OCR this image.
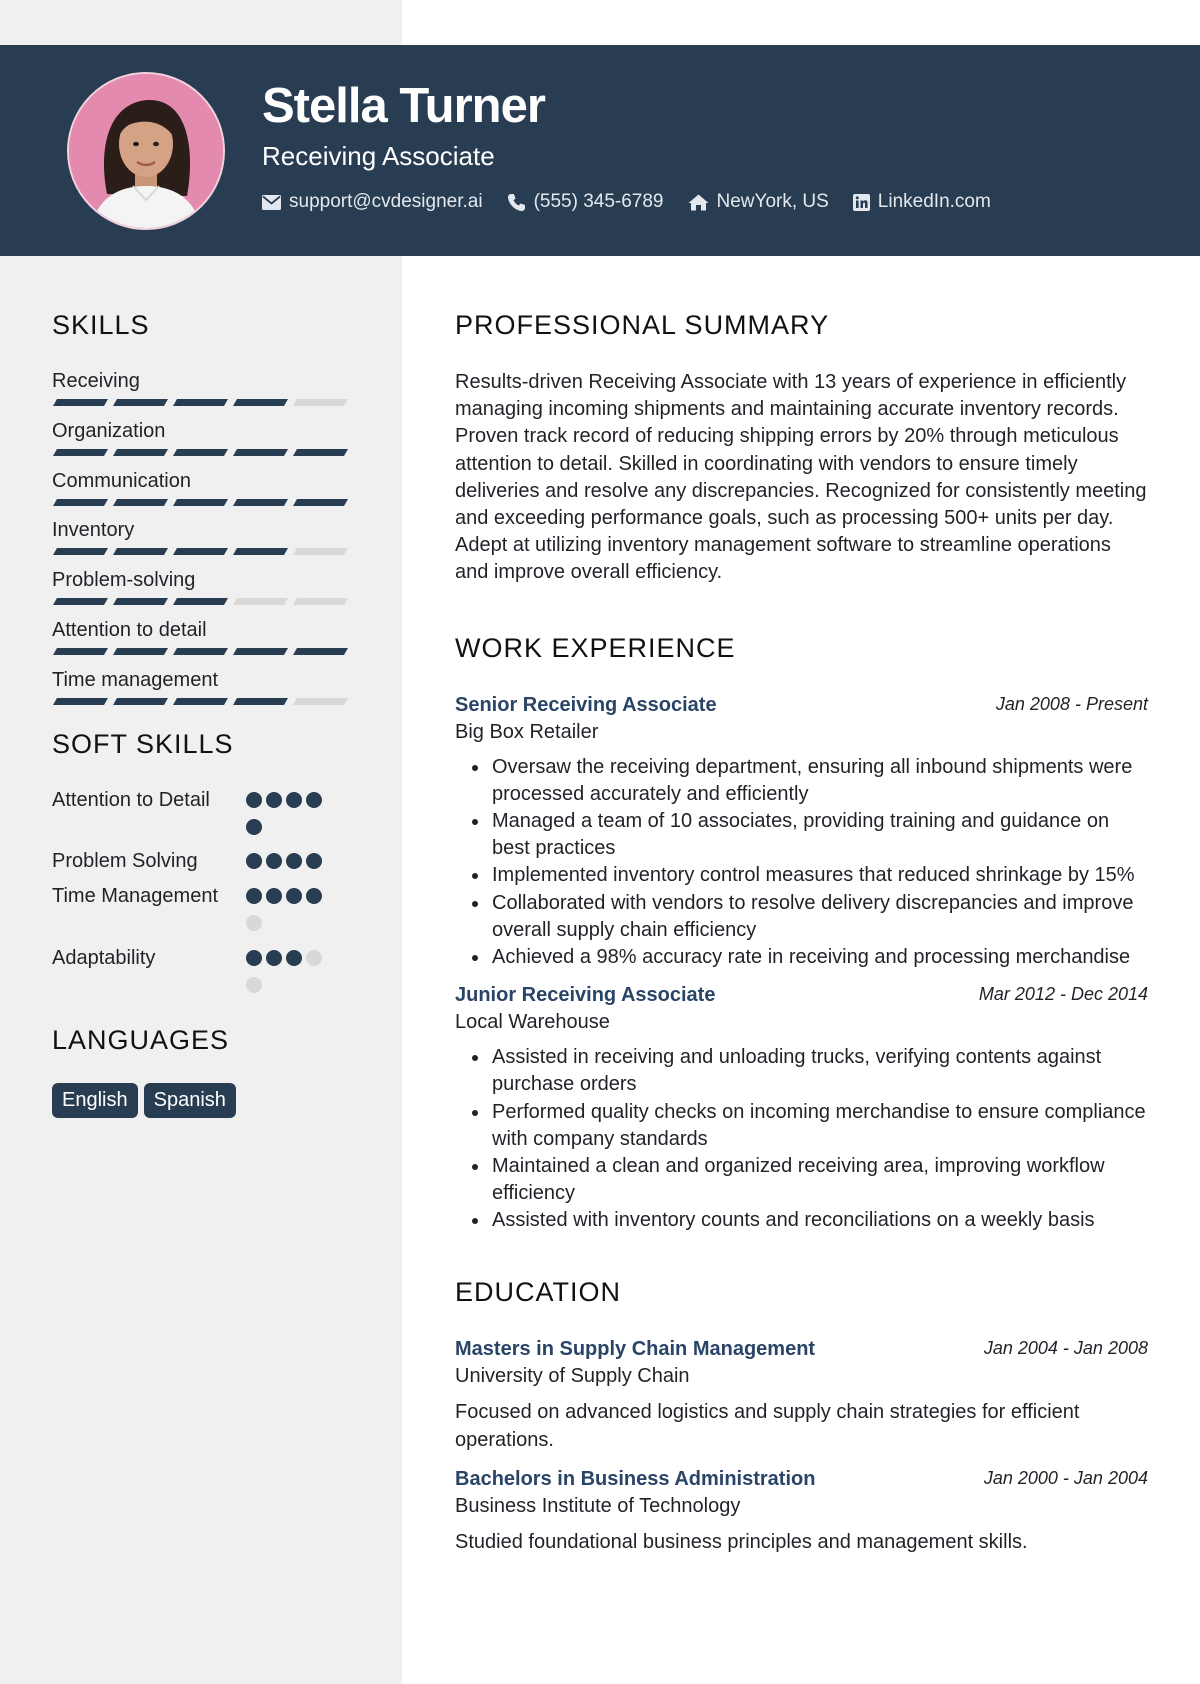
Stella Turner
Receiving Associate
support@cvdesigner.ai	(555) 345-6789	NewYork, US	LinkedIn.com
SKILLS
Receiving
Organization
Communication
Inventory
Problem-solving
Attention to detail
Time management
SOFT SKILLS
Attention to Detail
Problem Solving
Time Management
Adaptability
LANGUAGES
English Spanish
PROFESSIONAL SUMMARY
Results-driven Receiving Associate with 13 years of experience in efficiently managing incoming shipments and maintaining accurate inventory records. Proven track record of reducing shipping errors by 20% through meticulous attention to detail. Skilled in coordinating with vendors to ensure timely deliveries and resolve any discrepancies. Recognized for consistently meeting and exceeding performance goals, such as processing 500+ units per day. Adept at utilizing inventory management software to streamline operations and improve overall efficiency.
WORK EXPERIENCE
Senior Receiving Associate	Jan 2008 - Present
Big Box Retailer
Oversaw the receiving department, ensuring all inbound shipments were processed accurately and efficiently
Managed a team of 10 associates, providing training and guidance on best practices
Implemented inventory control measures that reduced shrinkage by 15%
Collaborated with vendors to resolve delivery discrepancies and improve overall supply chain efficiency
Achieved a 98% accuracy rate in receiving and processing merchandise
Junior Receiving Associate	Mar 2012 - Dec 2014
Local Warehouse
Assisted in receiving and unloading trucks, verifying contents against purchase orders
Performed quality checks on incoming merchandise to ensure compliance with company standards
Maintained a clean and organized receiving area, improving workflow efficiency
Assisted with inventory counts and reconciliations on a weekly basis
EDUCATION
Masters in Supply Chain Management	Jan 2004 - Jan 2008
University of Supply Chain
Focused on advanced logistics and supply chain strategies for efficient operations.
Bachelors in Business Administration	Jan 2000 - Jan 2004
Business Institute of Technology
Studied foundational business principles and management skills.
